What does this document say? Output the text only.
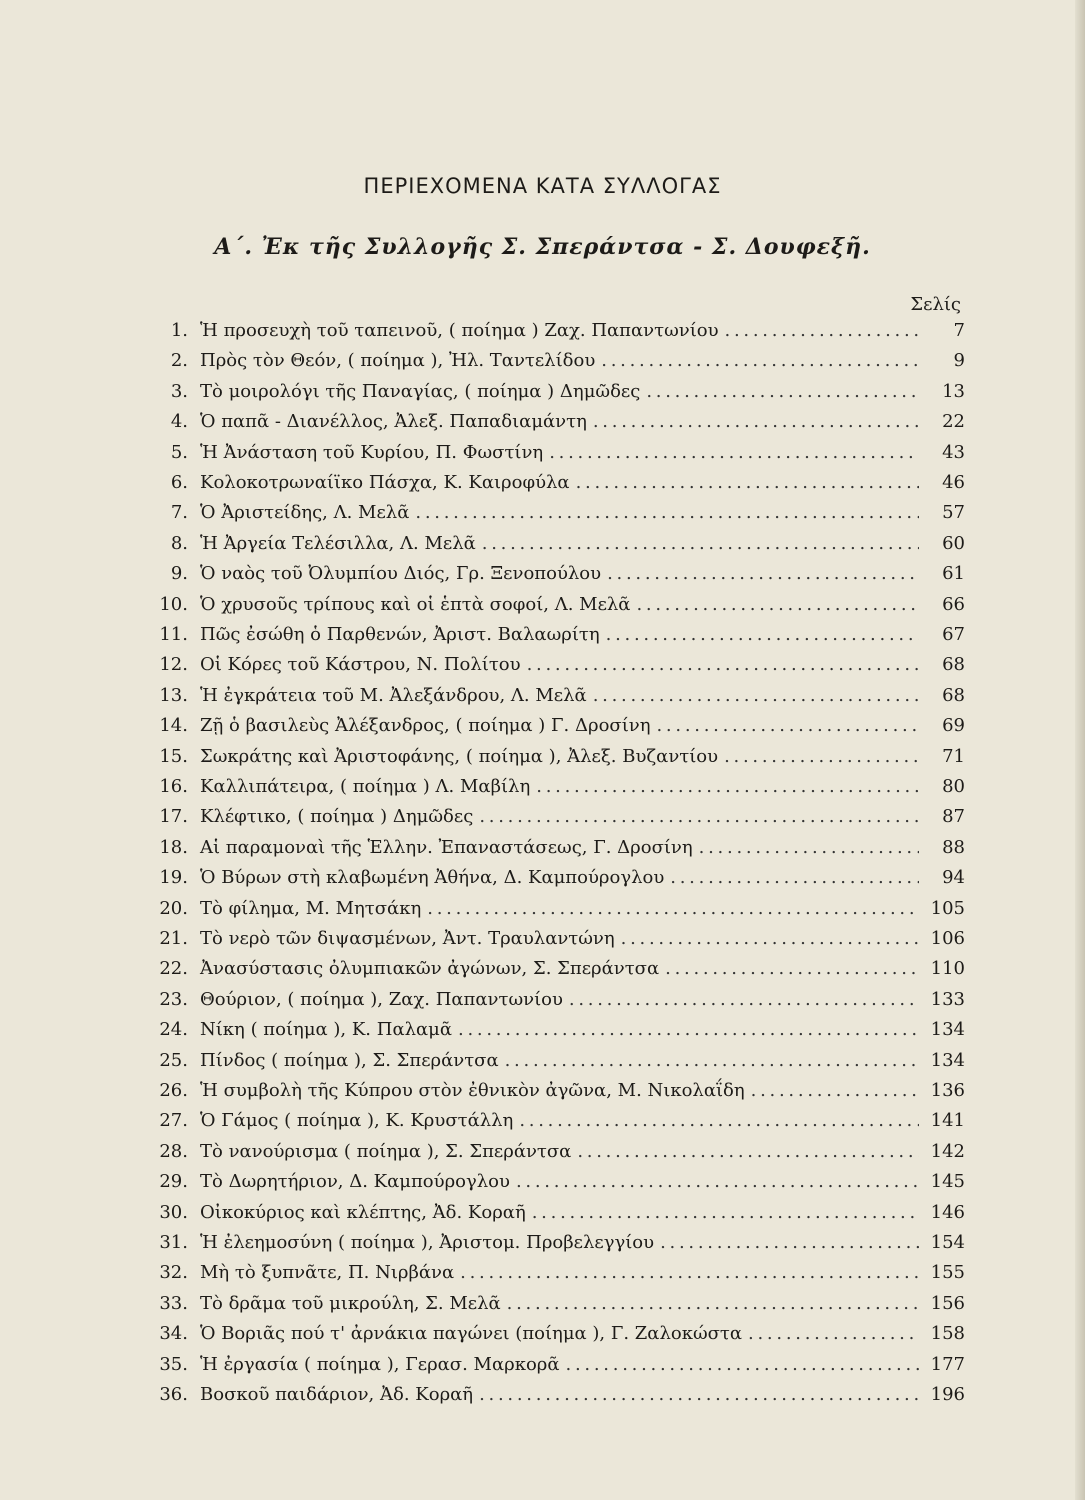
ΠΕΡΙΕΧΟΜΕΝΑ ΚΑΤΑ ΣΥΛΛΟΓΑΣ
Α΄. Ἐκ τῆς Συλλογῆς Σ. Σπεράντσα - Σ. Δουφεξῆ.
Σελίς
1. Ἡ προσευχὴ τοῦ ταπεινοῦ, ( ποίημα ) Ζαχ. Παπαντωνίου . . .	7
2. Πρὸς τὸν Θεόν, ( ποίημα ), Ἠλ. Ταντελίδου . . .	9
3. Τὸ μοιρολόγι τῆς Παναγίας, ( ποίημα ) Δημῶδες . . .	13
4. Ὁ παπᾶ - Διανέλλος, Ἀλεξ. Παπαδιαμάντη . . .	22
5. Ἡ Ἀνάσταση τοῦ Κυρίου, Π. Φωστίνη . . .	43
6. Κολοκοτρωναίϊκο Πάσχα, Κ. Καιροφύλα . . .	46
7. Ὁ Ἀριστείδης, Λ. Μελᾶ . . .	57
8. Ἡ Ἀργεία Τελέσιλλα, Λ. Μελᾶ . . .	60
9. Ὁ ναὸς τοῦ Ὀλυμπίου Διός, Γρ. Ξενοπούλου . . .	61
10. Ὁ χρυσοῦς τρίπους καὶ οἱ ἑπτὰ σοφοί, Λ. Μελᾶ . . .	66
11. Πῶς ἐσώθη ὁ Παρθενών, Ἀριστ. Βαλαωρίτη . . .	67
12. Οἱ Κόρες τοῦ Κάστρου, Ν. Πολίτου . . .	68
13. Ἡ ἐγκράτεια τοῦ Μ. Ἀλεξάνδρου, Λ. Μελᾶ . . .	68
14. Ζῇ ὁ βασιλεὺς Ἀλέξανδρος, ( ποίημα ) Γ. Δροσίνη . . .	69
15. Σωκράτης καὶ Ἀριστοφάνης, ( ποίημα ), Ἀλεξ. Βυζαντίου . . .	71
16. Καλλιπάτειρα, ( ποίημα ) Λ. Μαβίλη . . .	80
17. Κλέφτικο, ( ποίημα ) Δημῶδες . . .	87
18. Αἱ παραμοναὶ τῆς Ἑλλην. Ἐπαναστάσεως, Γ. Δροσίνη . . .	88
19. Ὁ Βύρων στὴ κλαβωμένη Ἀθήνα, Δ. Καμπούρογλου . . .	94
20. Τὸ φίλημα, Μ. Μητσάκη . . .	105
21. Τὸ νερὸ τῶν διψασμένων, Ἀντ. Τραυλαντώνη . . .	106
22. Ἀνασύστασις ὀλυμπιακῶν ἀγώνων, Σ. Σπεράντσα . . .	110
23. Θούριον, ( ποίημα ), Ζαχ. Παπαντωνίου . . .	133
24. Νίκη ( ποίημα ), Κ. Παλαμᾶ . . .	134
25. Πίνδος ( ποίημα ), Σ. Σπεράντσα . . .	134
26. Ἡ συμβολὴ τῆς Κύπρου στὸν ἐθνικὸν ἀγῶνα, Μ. Νικολαΐδη . . .	136
27. Ὁ Γάμος ( ποίημα ), Κ. Κρυστάλλη . . .	141
28. Τὸ νανούρισμα ( ποίημα ), Σ. Σπεράντσα . . .	142
29. Τὸ Δωρητήριον, Δ. Καμπούρογλου . . .	145
30. Οἰκοκύριος καὶ κλέπτης, Ἀδ. Κοραῆ . . .	146
31. Ἡ ἐλεημοσύνη ( ποίημα ), Ἀριστομ. Προβελεγγίου . . .	154
32. Μὴ τὸ ξυπνᾶτε, Π. Νιρβάνα . . .	155
33. Τὸ δρᾶμα τοῦ μικρούλη, Σ. Μελᾶ . . .	156
34. Ὁ Βοριᾶς πού τ' ἀρνάκια παγώνει (ποίημα ), Γ. Ζαλοκώστα . . .	158
35. Ἡ ἐργασία ( ποίημα ), Γερασ. Μαρκορᾶ . . .	177
36. Βοσκοῦ παιδάριον, Ἀδ. Κοραῆ . . .	196
